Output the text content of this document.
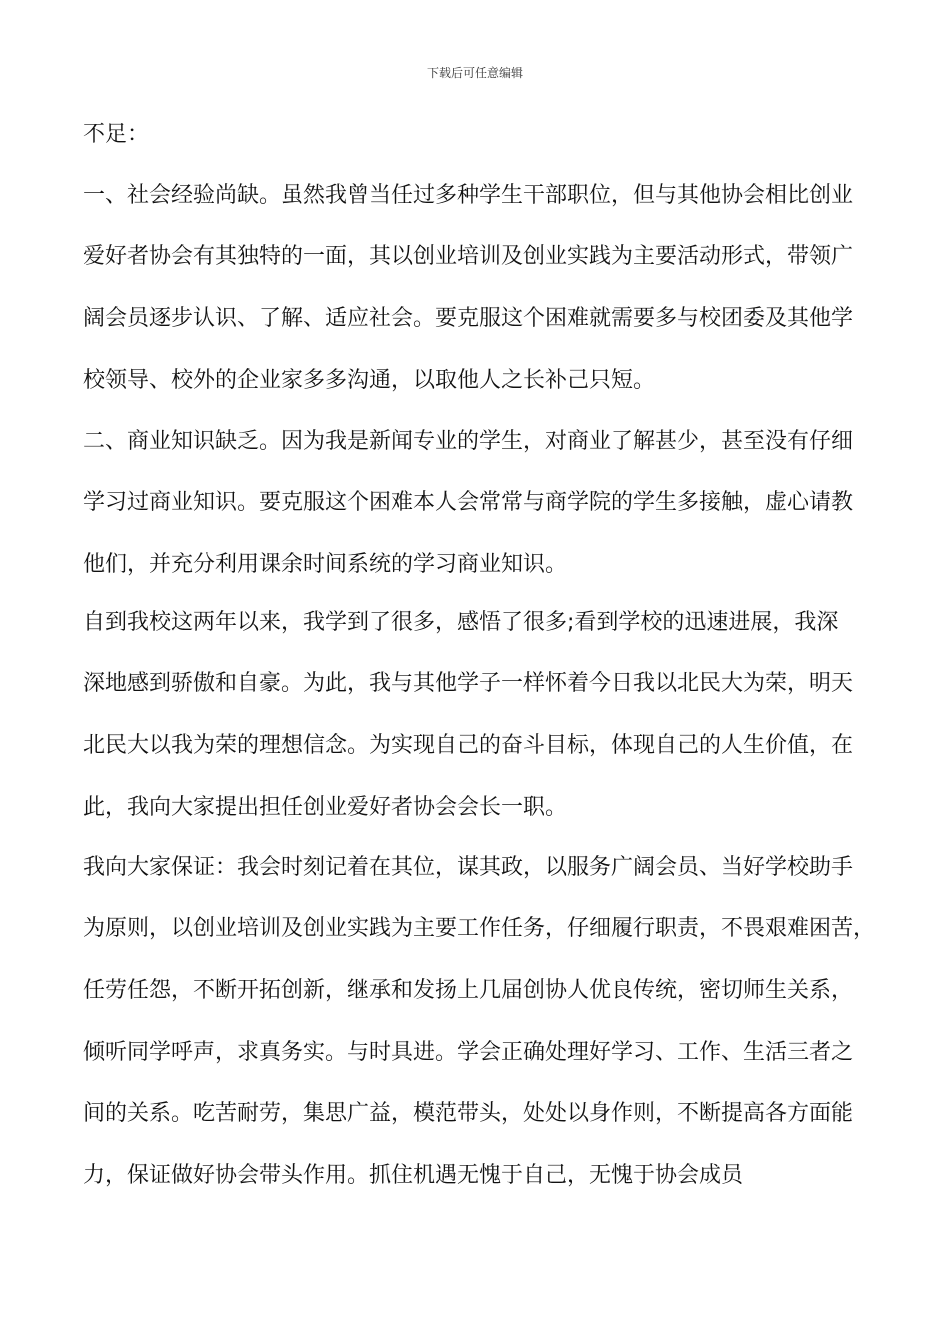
下载后可任意编辑
不足：
一、社会经验尚缺。虽然我曾当任过多种学生干部职位，但与其他协会相比创业
爱好者协会有其独特的一面，其以创业培训及创业实践为主要活动形式，带领广
阔会员逐步认识、了解、适应社会。要克服这个困难就需要多与校团委及其他学
校领导、校外的企业家多多沟通，以取他人之长补己只短。
二、商业知识缺乏。因为我是新闻专业的学生，对商业了解甚少，甚至没有仔细
学习过商业知识。要克服这个困难本人会常常与商学院的学生多接触，虚心请教
他们，并充分利用课余时间系统的学习商业知识。
自到我校这两年以来，我学到了很多，感悟了很多;看到学校的迅速进展，我深
深地感到骄傲和自豪。为此，我与其他学子一样怀着今日我以北民大为荣，明天
北民大以我为荣的理想信念。为实现自己的奋斗目标，体现自己的人生价值，在
此，我向大家提出担任创业爱好者协会会长一职。
我向大家保证：我会时刻记着在其位，谋其政，以服务广阔会员、当好学校助手
为原则，以创业培训及创业实践为主要工作任务，仔细履行职责，不畏艰难困苦，
任劳任怨，不断开拓创新，继承和发扬上几届创协人优良传统，密切师生关系，
倾听同学呼声，求真务实。与时具进。学会正确处理好学习、工作、生活三者之
间的关系。吃苦耐劳，集思广益，模范带头，处处以身作则，不断提高各方面能
力，保证做好协会带头作用。抓住机遇无愧于自己，无愧于协会成员
